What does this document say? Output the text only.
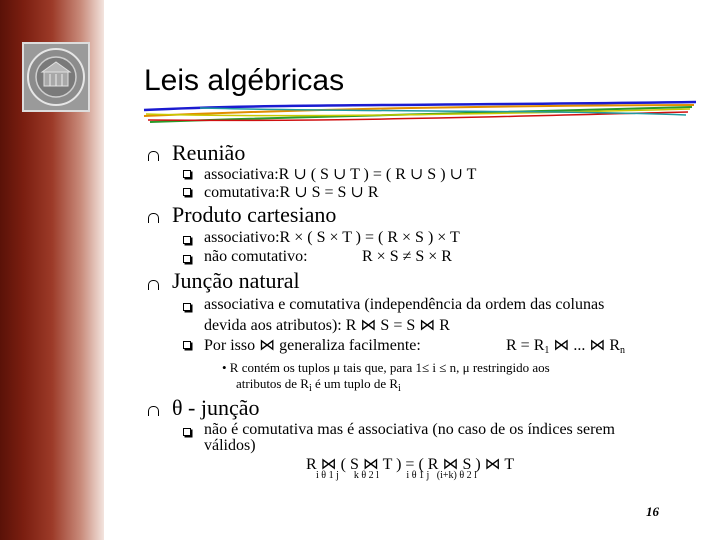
Leis algébricas
Reunião
associativa:R ∪ ( S ∪ T ) = ( R ∪ S ) ∪ T
comutativa:R ∪ S = S ∪ R
Produto cartesiano
associativo:R × ( S × T ) = ( R × S ) × T
não comutativo:	R × S ≠ S × R
Junção natural
associativa e comutativa (independência da ordem das colunas
devida aos atributos): R ⋈ S = S ⋈ R
Por isso ⋈ generaliza facilmente:	$R = R_1$ ⋈ ... ⋈ $R_n$
• R contém os tuplos μ tais que, para 1≤ i ≤ n, μ restringido aos
atributos de $R_i$ é um tuplo de $R_i$
θ - junção
não é comutativa mas é associativa (no caso de os índices serem
válidos)
R ⋈ ( S ⋈ T ) = ( R ⋈ S ) ⋈ T
i θ 1 j      k θ 2 l           i θ 1 j   (i+k) θ 2 l
16
